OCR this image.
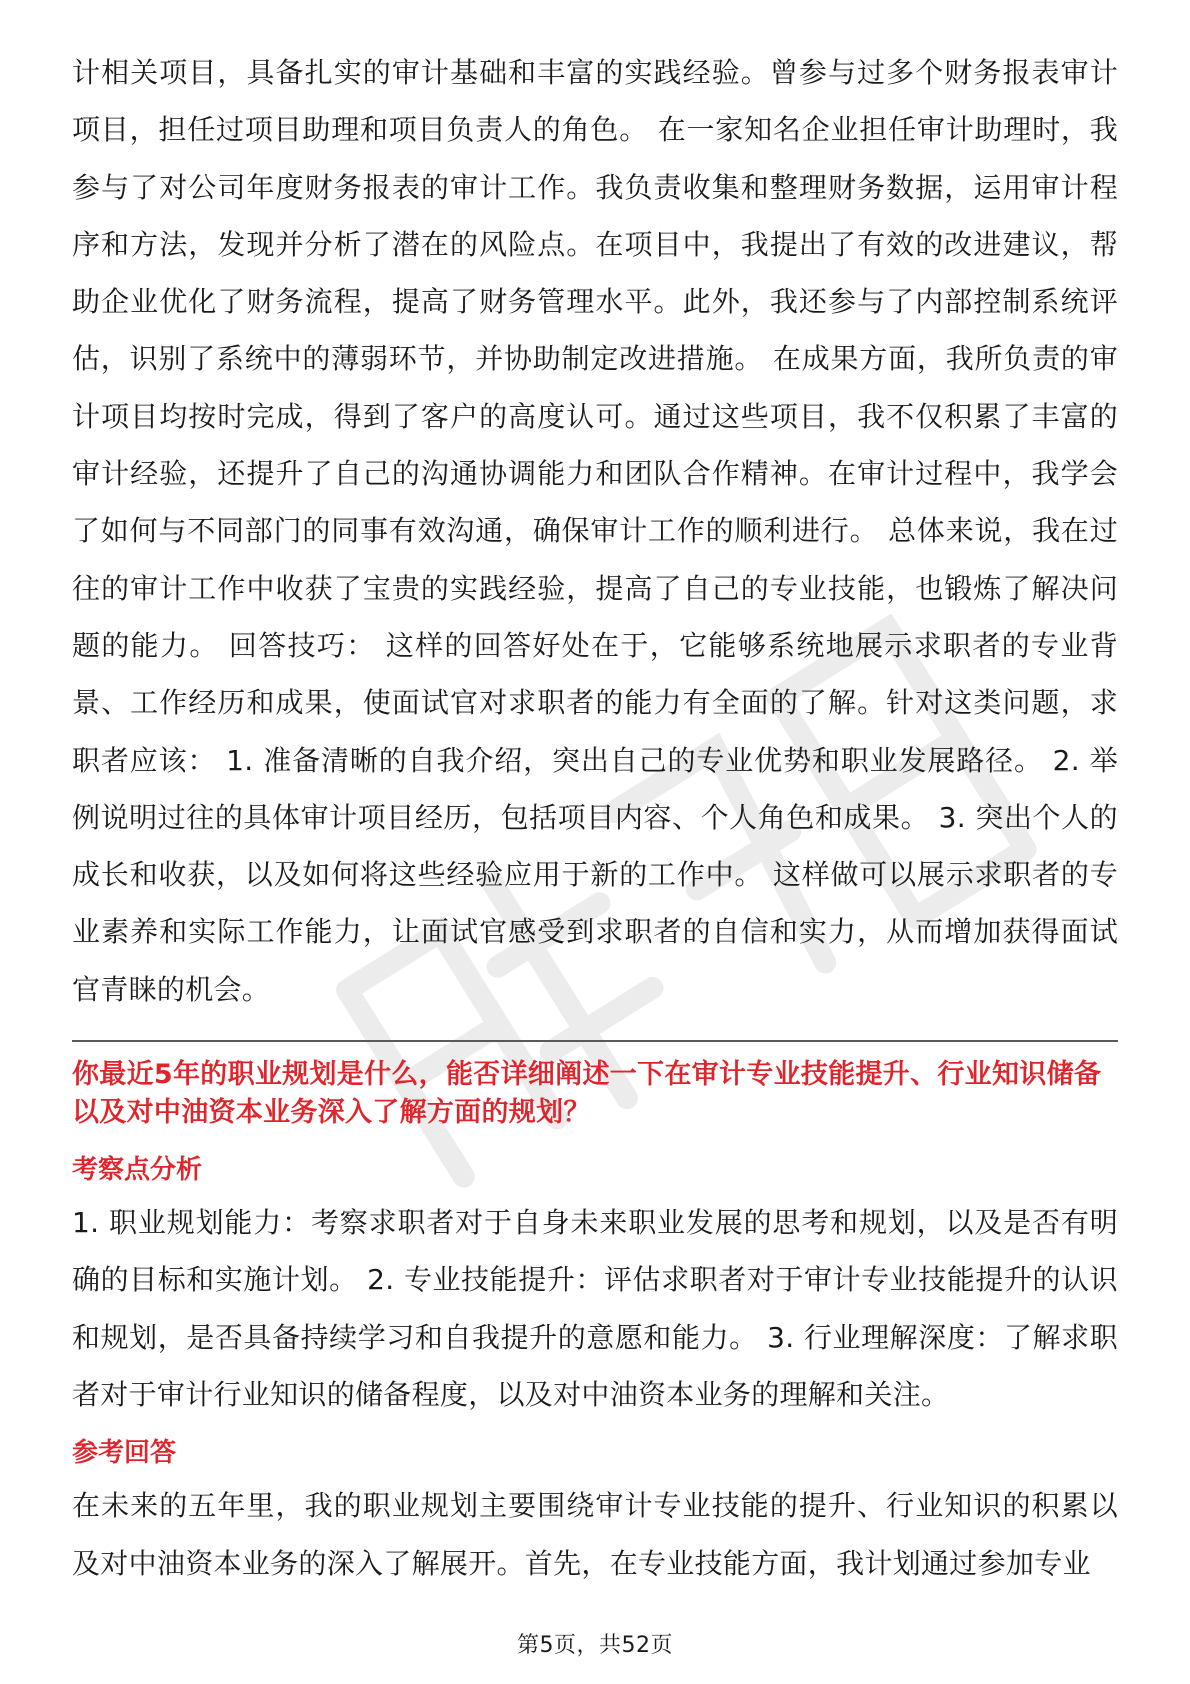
计相关项目，具备扎实的审计基础和丰富的实践经验。曾参与过多个财务报表审计项目，担任过项目助理和项目负责人的角色。 在一家知名企业担任审计助理时，我参与了对公司年度财务报表的审计工作。我负责收集和整理财务数据，运用审计程序和方法，发现并分析了潜在的风险点。在项目中，我提出了有效的改进建议，帮助企业优化了财务流程，提高了财务管理水平。此外，我还参与了内部控制系统评估，识别了系统中的薄弱环节，并协助制定改进措施。 在成果方面，我所负责的审计项目均按时完成，得到了客户的高度认可。通过这些项目，我不仅积累了丰富的审计经验，还提升了自己的沟通协调能力和团队合作精神。在审计过程中，我学会了如何与不同部门的同事有效沟通，确保审计工作的顺利进行。 总体来说，我在过往的审计工作中收获了宝贵的实践经验，提高了自己的专业技能，也锻炼了解决问题的能力。 回答技巧： 这样的回答好处在于，它能够系统地展示求职者的专业背景、工作经历和成果，使面试官对求职者的能力有全面的了解。针对这类问题，求职者应该： 1. 准备清晰的自我介绍，突出自己的专业优势和职业发展路径。 2. 举例说明过往的具体审计项目经历，包括项目内容、个人角色和成果。 3. 突出个人的成长和收获，以及如何将这些经验应用于新的工作中。 这样做可以展示求职者的专业素养和实际工作能力，让面试官感受到求职者的自信和实力，从而增加获得面试官青睐的机会。

你最近5年的职业规划是什么，能否详细阐述一下在审计专业技能提升、行业知识储备以及对中油资本业务深入了解方面的规划？

考察点分析

1. 职业规划能力：考察求职者对于自身未来职业发展的思考和规划，以及是否有明确的目标和实施计划。 2. 专业技能提升：评估求职者对于审计专业技能提升的认识和规划，是否具备持续学习和自我提升的意愿和能力。 3. 行业理解深度：了解求职者对于审计行业知识的储备程度，以及对中油资本业务的理解和关注。

参考回答

在未来的五年里，我的职业规划主要围绕审计专业技能的提升、行业知识的积累以及对中油资本业务的深入了解展开。首先，在专业技能方面，我计划通过参加专业

第5页，共52页
